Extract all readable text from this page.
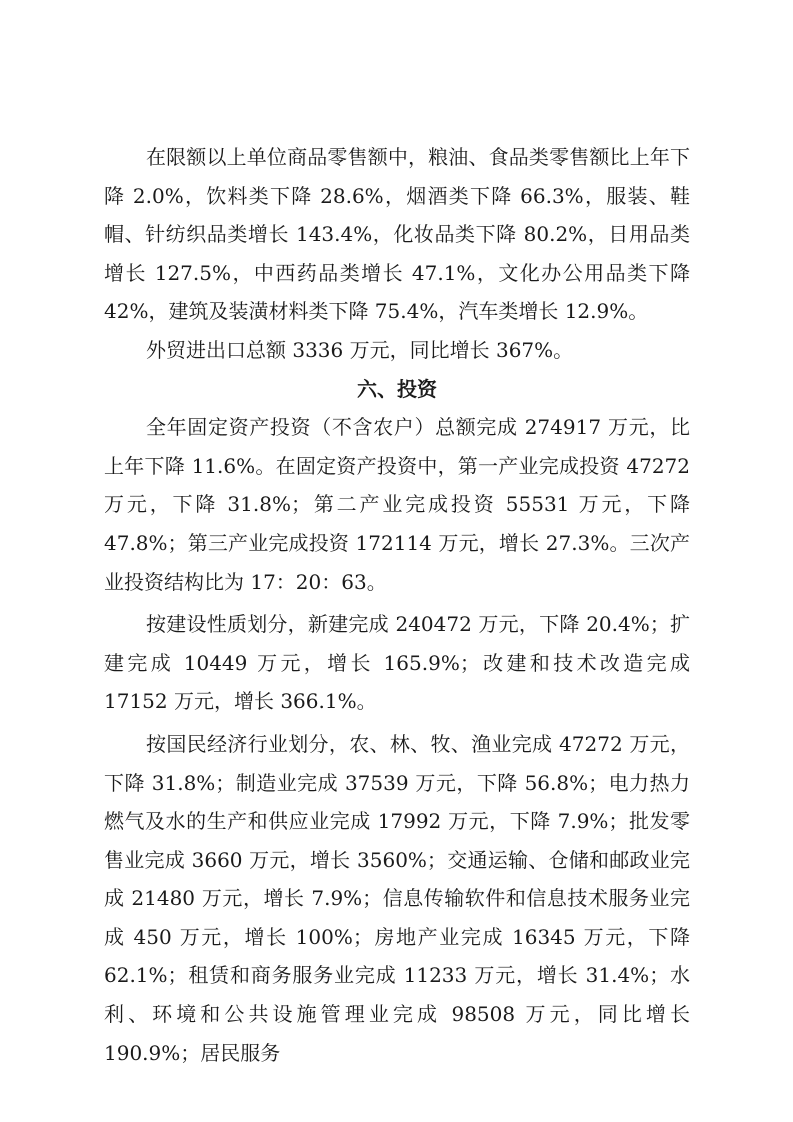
在限额以上单位商品零售额中，粮油、食品类零售额比上年下降 2.0%，饮料类下降 28.6%，烟酒类下降 66.3%，服装、鞋帽、针纺织品类增长 143.4%，化妆品类下降 80.2%，日用品类增长 127.5%，中西药品类增长 47.1%，文化办公用品类下降 42%，建筑及装潢材料类下降 75.4%，汽车类增长 12.9%。

外贸进出口总额 3336 万元，同比增长 367%。

六、投资

全年固定资产投资（不含农户）总额完成 274917 万元，比上年下降 11.6%。在固定资产投资中，第一产业完成投资 47272 万元，下降 31.8%；第二产业完成投资 55531 万元，下降 47.8%；第三产业完成投资 172114 万元，增长 27.3%。三次产业投资结构比为 17：20：63。

按建设性质划分，新建完成 240472 万元，下降 20.4%；扩建完成 10449 万元，增长 165.9%；改建和技术改造完成 17152 万元，增长 366.1%。

按国民经济行业划分，农、林、牧、渔业完成 47272 万元，下降 31.8%；制造业完成 37539 万元，下降 56.8%；电力热力燃气及水的生产和供应业完成 17992 万元，下降 7.9%；批发零售业完成 3660 万元，增长 3560%；交通运输、仓储和邮政业完成 21480 万元，增长 7.9%；信息传输软件和信息技术服务业完成 450 万元，增长 100%；房地产业完成 16345 万元，下降 62.1%；租赁和商务服务业完成 11233 万元，增长 31.4%；水利、环境和公共设施管理业完成 98508 万元，同比增长 190.9%；居民服务
